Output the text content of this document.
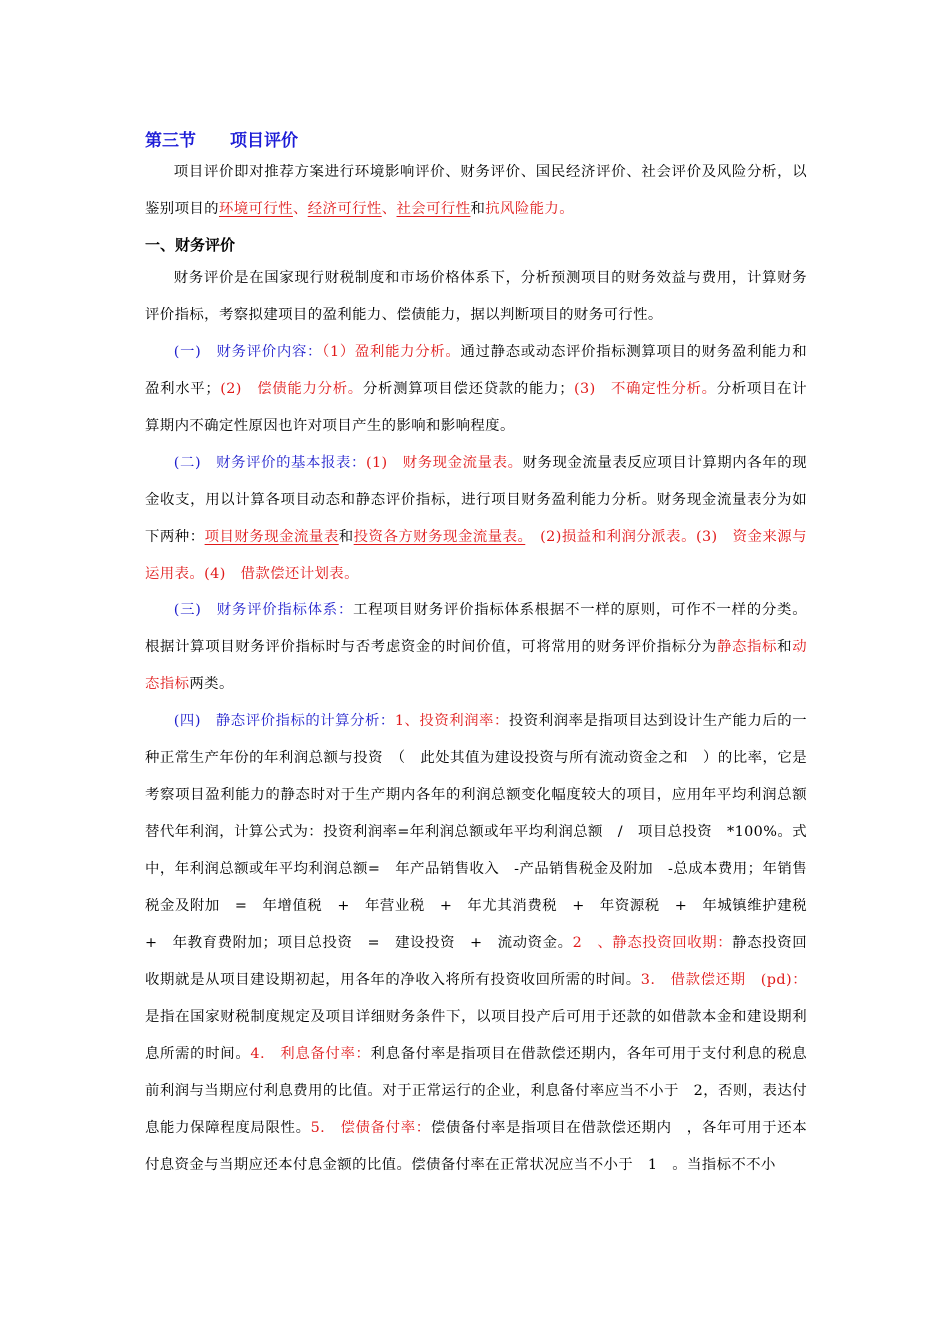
第三节 项目评价
项目评价即对推荐方案进行环境影响评价、财务评价、国民经济评价、社会评价及风险分析，以鉴别项目的环境可行性、经济可行性、社会可行性和抗风险能力。
一、财务评价
财务评价是在国家现行财税制度和市场价格体系下，分析预测项目的财务效益与费用，计算财务评价指标，考察拟建项目的盈利能力、偿债能力，据以判断项目的财务可行性。
(一)　财务评价内容：（1）盈利能力分析。通过静态或动态评价指标测算项目的财务盈利能力和盈利水平；(2)　偿债能力分析。分析测算项目偿还贷款的能力；(3)　不确定性分析。分析项目在计算期内不确定性原因也许对项目产生的影响和影响程度。
(二)　财务评价的基本报表：(1)　财务现金流量表。财务现金流量表反应项目计算期内各年的现金收支，用以计算各项目动态和静态评价指标，进行项目财务盈利能力分析。财务现金流量表分为如下两种：项目财务现金流量表和投资各方财务现金流量表。　(2)损益和利润分派表。(3)　资金来源与运用表。(4)　借款偿还计划表。
(三)　财务评价指标体系：工程项目财务评价指标体系根据不一样的原则，可作不一样的分类。根据计算项目财务评价指标时与否考虑资金的时间价值，可将常用的财务评价指标分为静态指标和动态指标两类。
(四)　静态评价指标的计算分析：1、投资利润率：投资利润率是指项目达到设计生产能力后的一种正常生产年份的年利润总额与投资　（　此处其值为建设投资与所有流动资金之和　）的比率，它是考察项目盈利能力的静态时对于生产期内各年的利润总额变化幅度较大的项目，应用年平均利润总额替代年利润，计算公式为：投资利润率=年利润总额或年平均利润总额　/　项目总投资　*100%。式中，年利润总额或年平均利润总额=　年产品销售收入　-产品销售税金及附加　-总成本费用；年销售税金及附加　=　年增值税　+　年营业税　+　年尤其消费税　+　年资源税　+　年城镇维护建税　+　年教育费附加；项目总投资　=　建设投资　+　流动资金。2　、静态投资回收期：静态投资回收期就是从项目建设期初起，用各年的净收入将所有投资收回所需的时间。3.　借款偿还期　(pd)：是指在国家财税制度规定及项目详细财务条件下，以项目投产后可用于还款的如借款本金和建设期利息所需的时间。4.　利息备付率：利息备付率是指项目在借款偿还期内，各年可用于支付利息的税息前利润与当期应付利息费用的比值。对于正常运行的企业，利息备付率应当不小于　2，否则，表达付息能力保障程度局限性。5.　偿债备付率：偿债备付率是指项目在借款偿还期内　，各年可用于还本付息资金与当期应还本付息金额的比值。偿债备付率在正常状况应当不小于　1　。当指标不不小
